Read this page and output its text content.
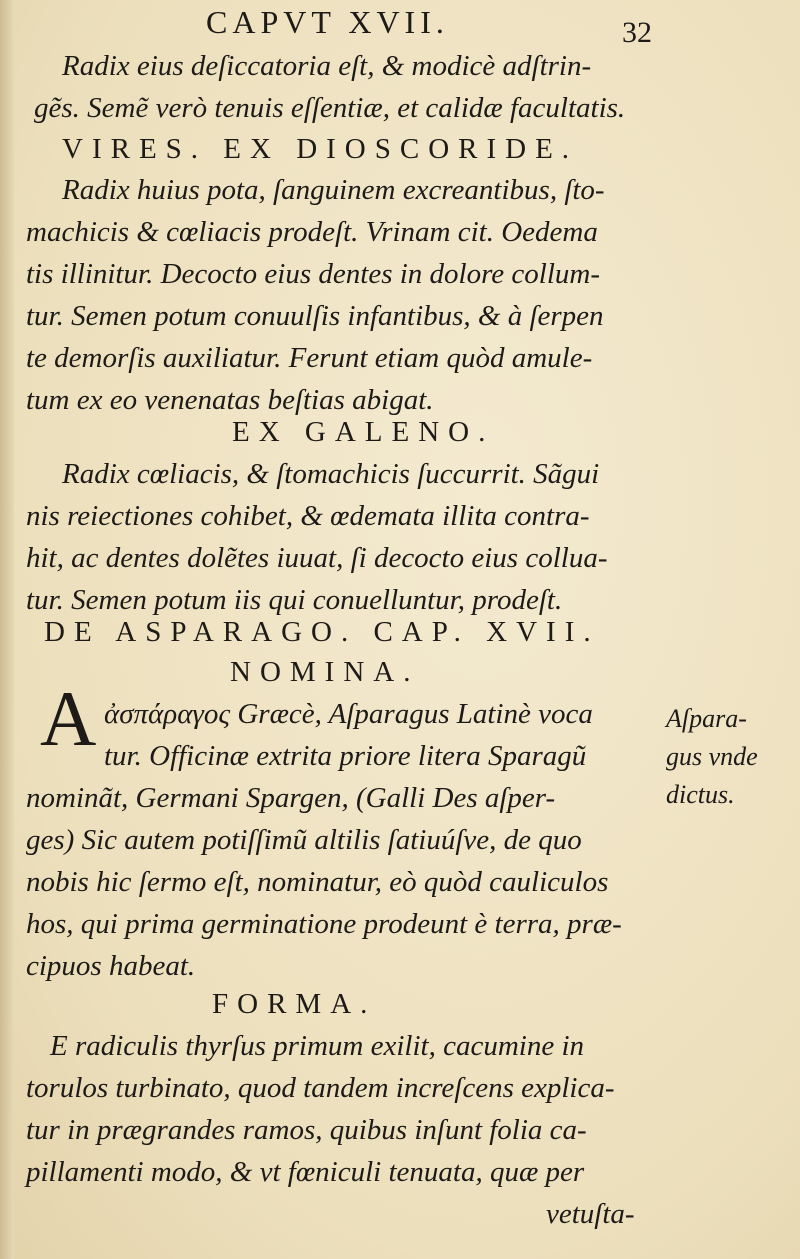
CAPVT XVII.	32
Radix eius deſiccatoria eſt, & modicè adſtrin-
gẽs. Semẽ verò tenuis eſſentiæ, et calidæ facultatis.
VIRES. EX DIOSCORIDE.
Radix huius pota, ſanguinem excreantibus, ſto-
machicis & cœliacis prodeſt. Vrinam cit. Oedema
tis illinitur. Decocto eius dentes in dolore collum-
tur. Semen potum conuulſis infantibus, & à ſerpen
te demorſis auxiliatur. Ferunt etiam quòd amule-
tum ex eo venenatas beſtias abigat.
EX GALENO.
Radix cœliacis, & ſtomachicis ſuccurrit. Sãgui
nis reiectiones cohibet, & œdemata illita contra-
hit, ac dentes dolẽtes iuuat, ſi decocto eius collua-
tur. Semen potum iis qui conuelluntur, prodeſt.
DE ASPARAGO. CAP. XVII.
NOMINA.
ἀσπάραγος Græcè, Aſparagus Latinè voca
tur. Officinæ extrita priore litera Sparagũ
nominãt, Germani Spargen, (Galli Des aſper-
ges) Sic autem potiſſimũ altilis ſatiuúſve, de quo
nobis hic ſermo eſt, nominatur, eò quòd cauliculos
hos, qui prima germinatione prodeunt è terra, præ-
cipuos habeat.
FORMA.
E radiculis thyrſus primum exilit, cacumine in
torulos turbinato, quod tandem increſcens explica-
tur in prægrandes ramos, quibus inſunt folia ca-
pillamenti modo, & vt fœniculi tenuata, quæ per
vetuſta-
A	Aſpara-
gus vnde
dictus.
